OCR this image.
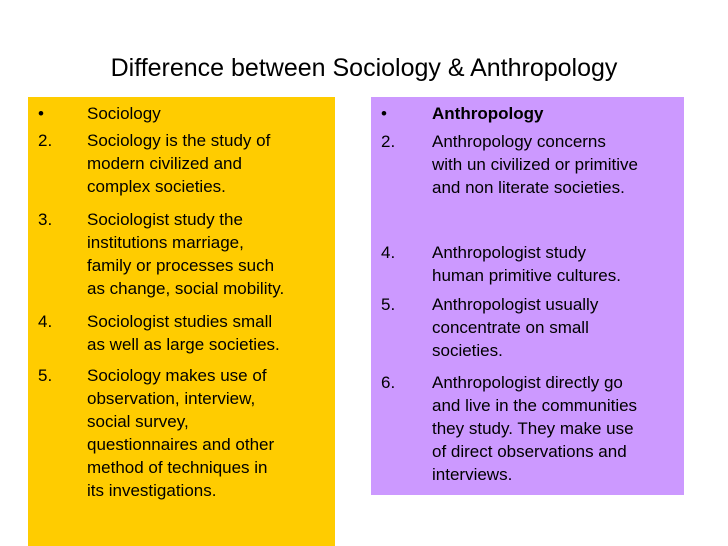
Difference between Sociology & Anthropology
•	Sociology
2. Sociology is the study of
modern civilized and
complex societies.
3. Sociologist study the
institutions marriage,
family or processes such
as change, social mobility.
4. Sociologist studies small
as well as large societies.
5. Sociology makes use of
observation, interview,
social survey,
questionnaires and other
method of techniques in
its investigations.
•	Anthropology
2. Anthropology concerns
with un civilized or primitive
and non literate societies.
4. Anthropologist study
human primitive cultures.
5. Anthropologist usually
concentrate on small
societies.
6. Anthropologist directly go
and live in the communities
they study. They make use
of direct observations and
interviews.
